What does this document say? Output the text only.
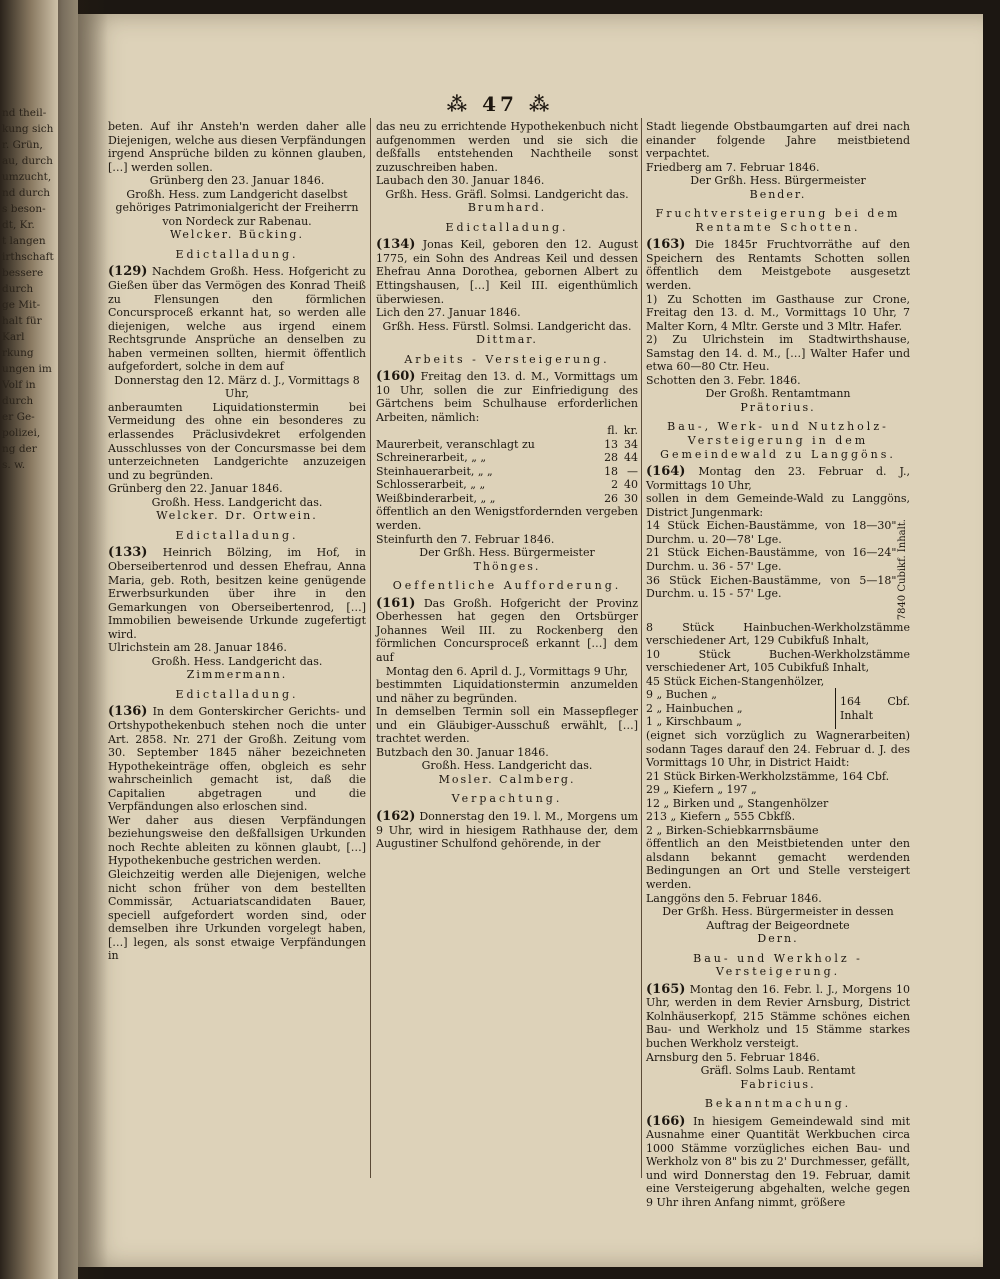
nd theil-
kung sich
r. Grün,
au, durch
umzucht,
nd durch
s beson-
dt, Kr.
t langen
irthschaft
bessere
durch
ge Mit-
halt für
Karl
rkung
ungen im
Volf in
durch
er Ge-
polizei,
ng der
s. w.
⁂ 47 ⁂

beten. Auf ihr Ansteh'n werden daher alle Diejenigen, welche aus diesen Verpfändungen irgend Ansprüche bilden zu können glauben, […] werden sollen.

Grünberg den 23. Januar 1846.

Großh. Hess. zum Landgericht daselbst gehöriges Patrimonialgericht der Freiherrn von Nordeck zur Rabenau.

Welcker. Bücking.

Edictalladung.

(129) Nachdem Großh. Hess. Hofgericht zu Gießen über das Vermögen des Konrad Theiß zu Flensungen den förmlichen Concursproceß erkannt hat, so werden alle diejenigen, welche aus irgend einem Rechtsgrunde Ansprüche an denselben zu haben vermeinen sollten, hiermit öffentlich aufgefordert, solche in dem auf

Donnerstag den 12. März d. J., Vormittags 8 Uhr,

anberaumten Liquidationstermin bei Vermeidung des ohne ein besonderes zu erlassendes Präclusivdekret erfolgenden Ausschlusses von der Concursmasse bei dem unterzeichneten Landgerichte anzuzeigen und zu begründen.

Grünberg den 22. Januar 1846.

Großh. Hess. Landgericht das.

Welcker. Dr. Ortwein.

Edictalladung.

(133) Heinrich Bölzing, im Hof, in Oberseibertenrod und dessen Ehefrau, Anna Maria, geb. Roth, besitzen keine genügende Erwerbsurkunden über ihre in den Gemarkungen von Oberseibertenrod, […] Immobilien beweisende Urkunde zugefertigt wird.

Ulrichstein am 28. Januar 1846.

Großh. Hess. Landgericht das.

Zimmermann.

Edictalladung.

(136) In dem Gonterskircher Gerichts- und Ortshypothekenbuch stehen noch die unter Art. 2858. Nr. 271 der Großh. Zeitung vom 30. September 1845 näher bezeichneten Hypothekeinträge offen, obgleich es sehr wahrscheinlich gemacht ist, daß die Capitalien abgetragen und die Verpfändungen also erloschen sind.

Wer daher aus diesen Verpfändungen beziehungsweise den deßfallsigen Urkunden noch Rechte ableiten zu können glaubt, […] Hypothekenbuche gestrichen werden.

Gleichzeitig werden alle Diejenigen, welche nicht schon früher von dem bestellten Commissär, Actuariatscandidaten Bauer, speciell aufgefordert worden sind, oder demselben ihre Urkunden vorgelegt haben, […] legen, als sonst etwaige Verpfändungen in

das neu zu errichtende Hypothekenbuch nicht aufgenommen werden und sie sich die deßfalls entstehenden Nachtheile sonst zuzuschreiben haben.

Laubach den 30. Januar 1846.

Grßh. Hess. Gräfl. Solmsi. Landgericht das.

Brumhard.

Edictalladung.

(134) Jonas Keil, geboren den 12. August 1775, ein Sohn des Andreas Keil und dessen Ehefrau Anna Dorothea, gebornen Albert zu Ettingshausen, […] Keil III. eigenthümlich überwiesen.

Lich den 27. Januar 1846.

Grßh. Hess. Fürstl. Solmsi. Landgericht das.

Dittmar.

Arbeits - Versteigerung.

(160) Freitag den 13. d. M., Vormittags um 10 Uhr, sollen die zur Einfriedigung des Gärtchens beim Schulhause erforderlichen Arbeiten, nämlich:

	fl.	kr.
Maurerbeit, veranschlagt zu	13	34
Schreinerarbeit, „ „	28	44
Steinhauerarbeit, „ „	18	—
Schlosserarbeit, „ „	2	40
Weißbinderarbeit, „ „	26	30

öffentlich an den Wenigstfordernden vergeben werden.

Steinfurth den 7. Februar 1846.

Der Grßh. Hess. Bürgermeister

Thönges.

Oeffentliche Aufforderung.

(161) Das Großh. Hofgericht der Provinz Oberhessen hat gegen den Ortsbürger Johannes Weil III. zu Rockenberg den förmlichen Concursproceß erkannt […] dem auf

Montag den 6. April d. J., Vormittags 9 Uhr,

bestimmten Liquidationstermin anzumelden und näher zu begründen.

In demselben Termin soll ein Massepfleger und ein Gläubiger-Ausschuß erwählt, […] trachtet werden.

Butzbach den 30. Januar 1846.

Großh. Hess. Landgericht das.

Mosler. Calmberg.

Verpachtung.

(162) Donnerstag den 19. l. M., Morgens um 9 Uhr, wird in hiesigem Rathhause der, dem Augustiner Schulfond gehörende, in der

Stadt liegende Obstbaumgarten auf drei nach einander folgende Jahre meistbietend verpachtet.

Friedberg am 7. Februar 1846.

Der Grßh. Hess. Bürgermeister

Bender.

Fruchtversteigerung bei dem Rentamte Schotten.

(163) Die 1845r Fruchtvorräthe auf den Speichern des Rentamts Schotten sollen öffentlich dem Meistgebote ausgesetzt werden.

1) Zu Schotten im Gasthause zur Crone, Freitag den 13. d. M., Vormittags 10 Uhr, 7 Malter Korn, 4 Mltr. Gerste und 3 Mltr. Hafer.

2) Zu Ulrichstein im Stadtwirthshause, Samstag den 14. d. M., […] Walter Hafer und etwa 60—80 Ctr. Heu.

Schotten den 3. Febr. 1846.

Der Großh. Rentamtmann

Prätorius.

Bau-, Werk- und Nutzholz-Versteigerung in dem Gemeindewald zu Langgöns.

(164) Montag den 23. Februar d. J., Vormittags 10 Uhr,

sollen in dem Gemeinde-Wald zu Langgöns, District Jungenmark:

14 Stück Eichen-Baustämme, von 18—30" Durchm. u. 20—78' Lge.

21 Stück Eichen-Baustämme, von 16—24" Durchm. u. 36 - 57' Lge.

36 Stück Eichen-Baustämme, von 5—18" Durchm. u. 15 - 57' Lge.	7840 Cubikf. Inhalt.

8 Stück Hainbuchen-Werkholzstämme verschiedener Art, 129 Cubikfuß Inhalt,

10 Stück Buchen-Werkholzstämme verschiedener Art, 105 Cubikfuß Inhalt,

45 Stück Eichen-Stangenhölzer,

9 „ Buchen „

2 „ Hainbuchen „

1 „ Kirschbaum „

164 Cbf. Inhalt

(eignet sich vorzüglich zu Wagnerarbeiten) sodann Tages darauf den 24. Februar d. J. des Vormittags 10 Uhr, in District Haidt:

21 Stück Birken-Werkholzstämme, 164 Cbf.

29 „ Kiefern „ 197 „

12 „ Birken und „ Stangenhölzer

213 „ Kiefern „ 555 Cbkfß.

2 „ Birken-Schiebkarrnsbäume

öffentlich an den Meistbietenden unter den alsdann bekannt gemacht werdenden Bedingungen an Ort und Stelle versteigert werden.

Langgöns den 5. Februar 1846.

Der Grßh. Hess. Bürgermeister in dessen Auftrag der Beigeordnete

Dern.

Bau- und Werkholz - Versteigerung.

(165) Montag den 16. Febr. l. J., Morgens 10 Uhr, werden in dem Revier Arnsburg, District Kolnhäuserkopf, 215 Stämme schönes eichen Bau- und Werkholz und 15 Stämme starkes buchen Werkholz versteigt.

Arnsburg den 5. Februar 1846.

Gräfl. Solms Laub. Rentamt

Fabricius.

Bekanntmachung.

(166) In hiesigem Gemeindewald sind mit Ausnahme einer Quantität Werkbuchen circa 1000 Stämme vorzügliches eichen Bau- und Werkholz von 8" bis zu 2' Durchmesser, gefällt, und wird Donnerstag den 19. Februar, damit eine Versteigerung abgehalten, welche gegen 9 Uhr ihren Anfang nimmt, größere
